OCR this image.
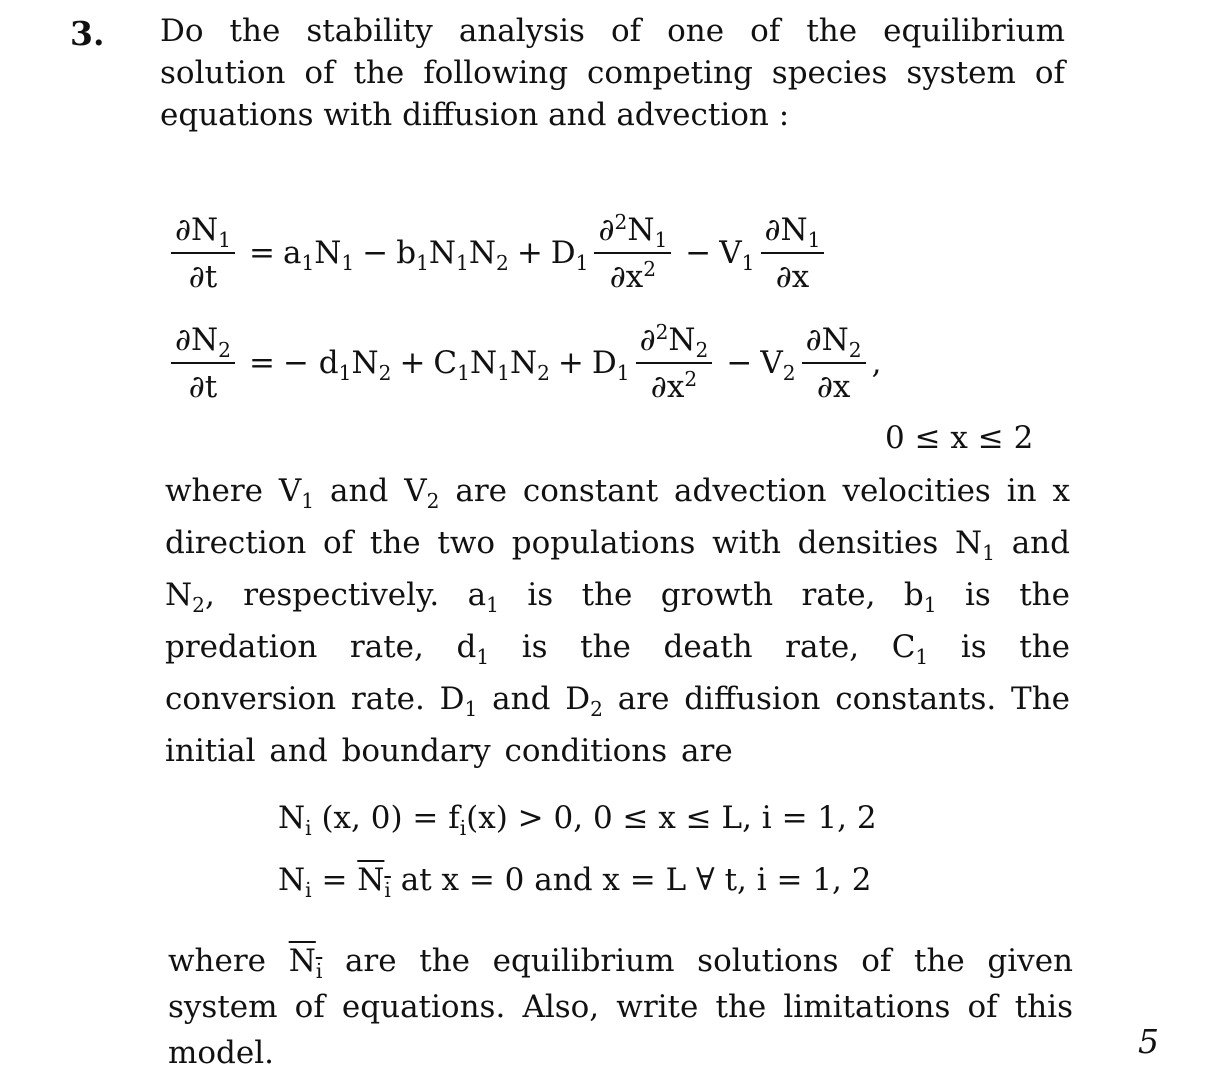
3. Do the stability analysis of one of the equilibrium solution of the following competing species system of equations with diffusion and advection :
$\frac{\partial N_1}{\partial t} = a_1N_1 - b_1N_1N_2 + D_1 \frac{\partial^2N_1}{\partial x^2} - V_1 \frac{\partial N_1}{\partial x}$
$\frac{\partial N_2}{\partial t}$ = − $d_1N_2 + C_1N_1N_2 + D_1 \frac{\partial^2N_2}{\partial x^2} - V_2 \frac{\partial N_2}{\partial x}$ ,
0 ≤ x ≤ 2
where $V_1$ and $V_2$ are constant advection velocities in x direction of the two populations with densities $N_1$ and $N_2$, respectively. $a_1$ is the growth rate, $b_1$ is the predation rate, $d_1$ is the death rate, $C_1$ is the conversion rate. $D_1$ and $D_2$ are diffusion constants. The initial and boundary conditions are
$N_i$ (x, $0) = f_i(x) > 0$, 0 ≤ x ≤ L, i = 1, 2
$N_i = N_i$ at x = 0 and x = L ∀ t, i = 1, 2
where $N_i$ are the equilibrium solutions of the given system of equations. Also, write the limitations of this model.	5
